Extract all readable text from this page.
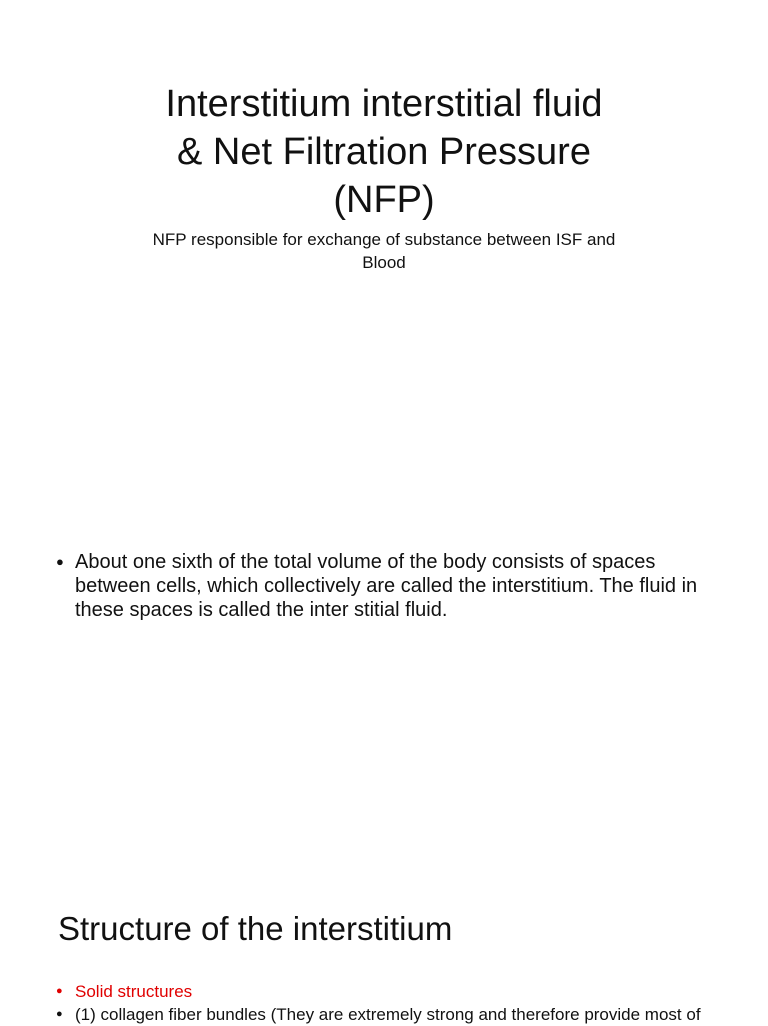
Interstitium interstitial fluid
& Net Filtration Pressure
(NFP)

NFP responsible for exchange of substance between ISF and
Blood

● About one sixth of the total volume of the body consists of spaces between cells, which collectively are called the interstitium. The fluid in these spaces is called the inter stitial fluid.
Structure of the interstitium
● Solid structures
● (1) collagen fiber bundles (They are extremely strong and therefore provide most of
